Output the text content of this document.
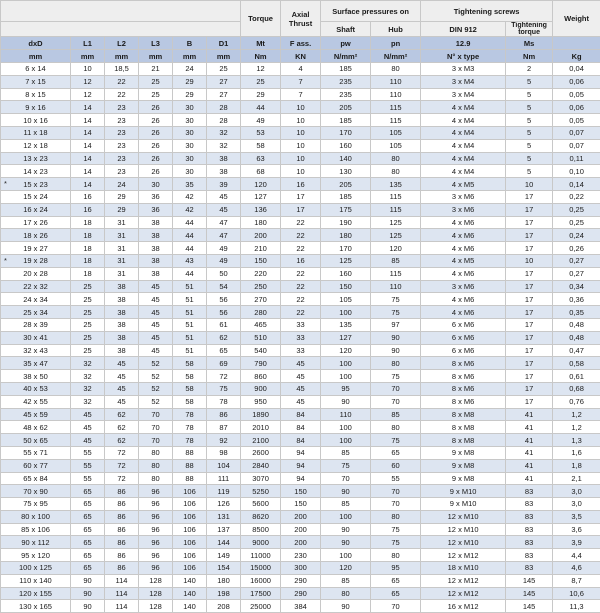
						Torque	Axial
Thrust	Surface pressures on		Tightening screws		Weight
								Shaft	Hub	DIN 912	Tightening
torque	
dxD	L1	L2	L3	B	D1	Mt	F ass.	pw	pn	12.9	Ms	
mm	mm	mm	mm	mm	mm	Nm	KN	N/mm²	N/mm²	N° x type	Nm	Kg
6 x 14	10	18,5	21	24	25	12	4	185	80	3 x M3	2	0,04
7 x 15	12	22	25	29	27	25	7	235	110	3 x M4	5	0,06
8 x 15	12	22	25	29	27	29	7	235	110	3 x M4	5	0,05
9 x 16	14	23	26	30	28	44	10	205	115	4 x M4	5	0,06
10 x 16	14	23	26	30	28	49	10	185	115	4 x M4	5	0,05
11 x 18	14	23	26	30	32	53	10	170	105	4 x M4	5	0,07
12 x 18	14	23	26	30	32	58	10	160	105	4 x M4	5	0,07
13 x 23	14	23	26	30	38	63	10	140	80	4 x M4	5	0,11
14 x 23	14	23	26	30	38	68	10	130	80	4 x M4	5	0,10

* 15 x 23	14	24	30	35	39	120	16	205	135	4 x M5	10	0,14
15 x 24	16	29	36	42	45	127	17	185	115	3 x M6	17	0,22
16 x 24	16	29	36	42	45	136	17	175	115	3 x M6	17	0,25
17 x 26	18	31	38	44	47	180	22	190	125	4 x M6	17	0,25
18 x 26	18	31	38	44	47	200	22	180	125	4 x M6	17	0,24
19 x 27	18	31	38	44	49	210	22	170	120	4 x M6	17	0,26

* 19 x 28	18	31	38	43	49	150	16	125	85	4 x M5	10	0,27
20 x 28	18	31	38	44	50	220	22	160	115	4 x M6	17	0,27
22 x 32	25	38	45	51	54	250	22	150	110	3 x M6	17	0,34
24 x 34	25	38	45	51	56	270	22	105	75	4 x M6	17	0,36
25 x 34	25	38	45	51	56	280	22	100	75	4 x M6	17	0,35
28 x 39	25	38	45	51	61	465	33	135	97	6 x M6	17	0,48
30 x 41	25	38	45	51	62	510	33	127	90	6 x M6	17	0,48
32 x 43	25	38	45	51	65	540	33	120	90	6 x M6	17	0,47
35 x 47	32	45	52	58	69	790	45	100	80	8 x M6	17	0,58
38 x 50	32	45	52	58	72	860	45	100	75	8 x M6	17	0,61
40 x 53	32	45	52	58	75	900	45	95	70	8 x M6	17	0,68
42 x 55	32	45	52	58	78	950	45	90	70	8 x M6	17	0,76
45 x 59	45	62	70	78	86	1890	84	110	85	8 x M8	41	1,2
48 x 62	45	62	70	78	87	2010	84	100	80	8 x M8	41	1,2
50 x 65	45	62	70	78	92	2100	84	100	75	8 x M8	41	1,3
55 x 71	55	72	80	88	98	2600	94	85	65	9 x M8	41	1,6
60 x 77	55	72	80	88	104	2840	94	75	60	9 x M8	41	1,8
65 x 84	55	72	80	88	111	3070	94	70	55	9 x M8	41	2,1
70 x 90	65	86	96	106	119	5250	150	90	70	9 x M10	83	3,0
75 x 95	65	86	96	106	126	5600	150	85	70	9 x M10	83	3,0
80 x 100	65	86	96	106	131	8620	200	100	80	12 x M10	83	3,5
85 x 106	65	86	96	106	137	8500	200	90	75	12 x M10	83	3,6
90 x 112	65	86	96	106	144	9000	200	90	75	12 x M10	83	3,9
95 x 120	65	86	96	106	149	11000	230	100	80	12 x M12	83	4,4
100 x 125	65	86	96	106	154	15000	300	120	95	18 x M10	83	4,6
110 x 140	90	114	128	140	180	16000	290	85	65	12 x M12	145	8,7
120 x 155	90	114	128	140	198	17500	290	80	65	12 x M12	145	10,6
130 x 165	90	114	128	140	208	25000	384	90	70	16 x M12	145	11,3
